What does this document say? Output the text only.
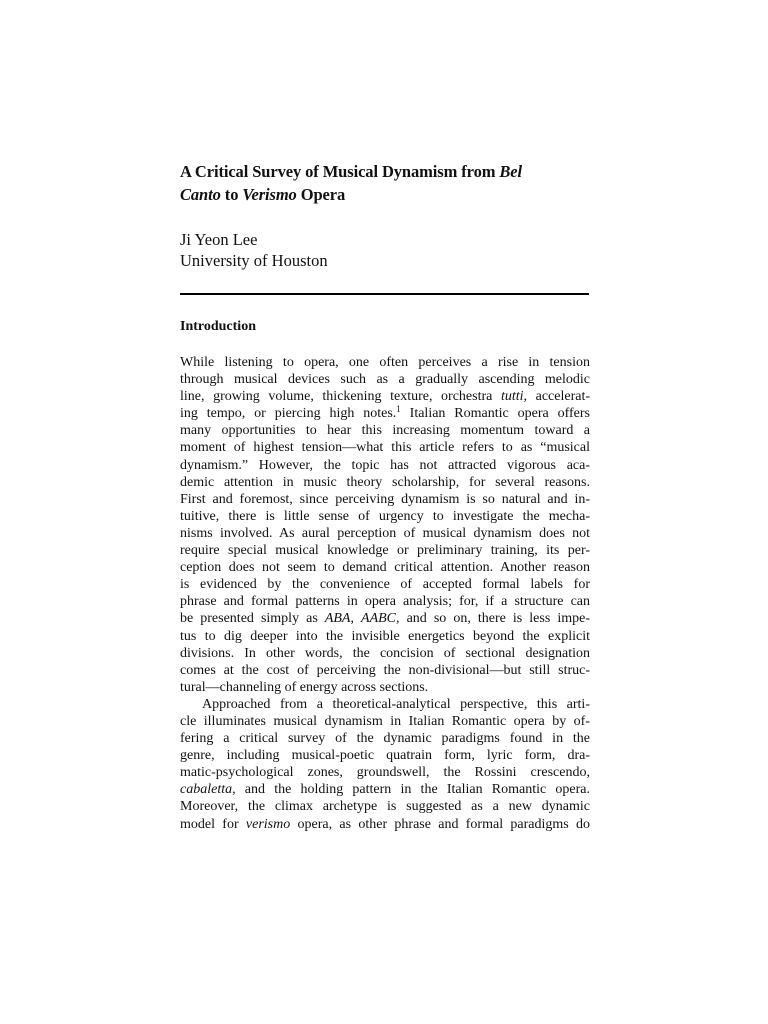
A Critical Survey of Musical Dynamism from Bel
Canto to Verismo Opera
Ji Yeon Lee
University of Houston
Introduction
While listening to opera, one often perceives a rise in tension
through musical devices such as a gradually ascending melodic
line, growing volume, thickening texture, orchestra tutti, accelerat-
ing tempo, or piercing high notes.$^1$ Italian Romantic opera offers
many opportunities to hear this increasing momentum toward a
moment of highest tension—what this article refers to as “musical
dynamism.” However, the topic has not attracted vigorous aca-
demic attention in music theory scholarship, for several reasons.
First and foremost, since perceiving dynamism is so natural and in-
tuitive, there is little sense of urgency to investigate the mecha-
nisms involved. As aural perception of musical dynamism does not
require special musical knowledge or preliminary training, its per-
ception does not seem to demand critical attention. Another reason
is evidenced by the convenience of accepted formal labels for
phrase and formal patterns in opera analysis; for, if a structure can
be presented simply as ABA, AABC, and so on, there is less impe-
tus to dig deeper into the invisible energetics beyond the explicit
divisions. In other words, the concision of sectional designation
comes at the cost of perceiving the non-divisional—but still struc-
tural—channeling of energy across sections.
Approached from a theoretical-analytical perspective, this arti-
cle illuminates musical dynamism in Italian Romantic opera by of-
fering a critical survey of the dynamic paradigms found in the
genre, including musical-poetic quatrain form, lyric form, dra-
matic-psychological zones, groundswell, the Rossini crescendo,
cabaletta, and the holding pattern in the Italian Romantic opera.
Moreover, the climax archetype is suggested as a new dynamic
model for verismo opera, as other phrase and formal paradigms do
